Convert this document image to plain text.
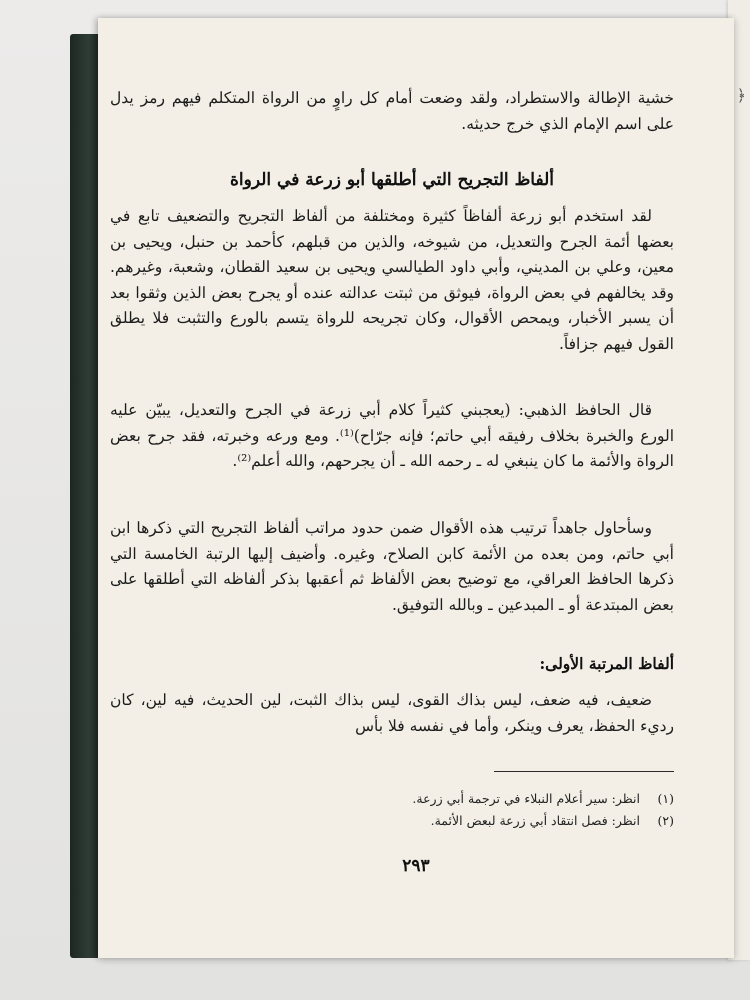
﴿

خشية الإطالة والاستطراد، ولقد وضعت أمام كل راوٍ من الرواة المتكلم فيهم رمز يدل على اسم الإمام الذي خرج حديثه.

ألفاظ التجريح التي أطلقها أبو زرعة في الرواة

لقد استخدم أبو زرعة ألفاظاً كثيرة ومختلفة من ألفاظ التجريح والتضعيف تابع في بعضها أئمة الجرح والتعديل، من شيوخه، والذين من قبلهم، كأحمد بن حنبل، ويحيى بن معين، وعلي بن المديني، وأبي داود الطيالسي ويحيى بن سعيد القطان، وشعبة، وغيرهم. وقد يخالفهم في بعض الرواة، فيوثق من ثبتت عدالته عنده أو يجرح بعض الذين وثقوا بعد أن يسبر الأخبار، ويمحص الأقوال، وكان تجريحه للرواة يتسم بالورع والتثبت فلا يطلق القول فيهم جزافاً.

قال الحافظ الذهبي: (يعجبني كثيراً كلام أبي زرعة في الجرح والتعديل، يبيّن عليه الورع والخبرة بخلاف رفيقه أبي حاتم؛ فإنه جرّاح)⁽¹⁾. ومع ورعه وخبرته، فقد جرح بعض الرواة والأئمة ما كان ينبغي له ـ رحمه الله ـ أن يجرحهم، والله أعلم⁽²⁾.

وسأحاول جاهداً ترتيب هذه الأقوال ضمن حدود مراتب ألفاظ التجريح التي ذكرها ابن أبي حاتم، ومن بعده من الأئمة كابن الصلاح، وغيره. وأضيف إليها الرتبة الخامسة التي ذكرها الحافظ العراقي، مع توضيح بعض الألفاظ ثم أعقبها بذكر ألفاظه التي أطلقها على بعض المبتدعة أو ـ المبدعين ـ وبالله التوفيق.

ألفاظ المرتبة الأولى:

ضعيف، فيه ضعف، ليس بذاك القوى، ليس بذاك الثبت، لين الحديث، فيه لين، كان رديء الحفظ، يعرف وينكر، وأما في نفسه فلا بأس

(١)
انظر: سير أعلام النبلاء في ترجمة أبي زرعة.
(٢)
انظر: فصل انتقاد أبي زرعة لبعض الأئمة.
٢٩٣
